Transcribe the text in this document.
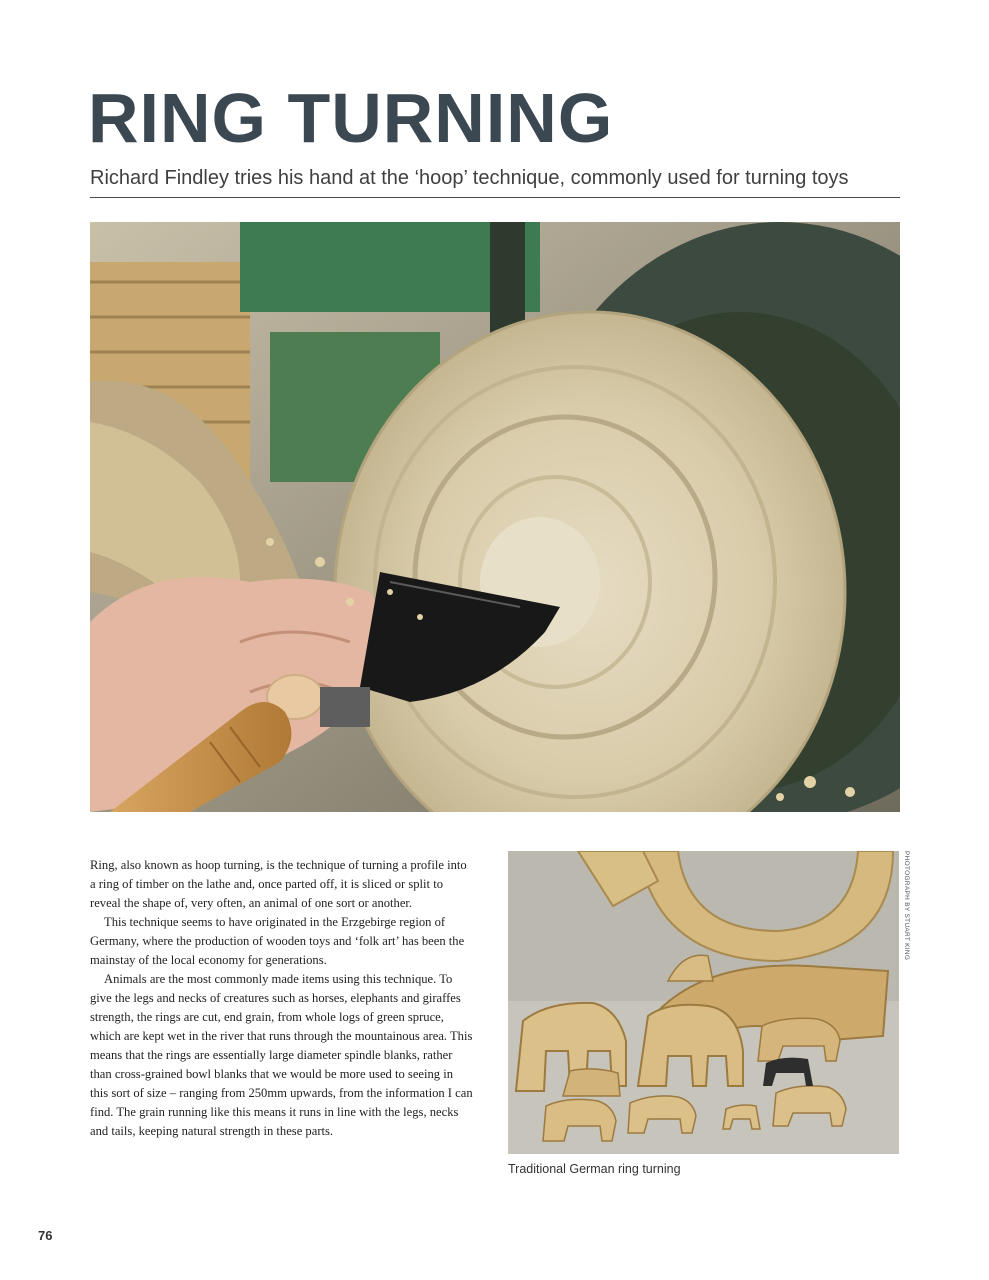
RING TURNING

Richard Findley tries his hand at the ‘hoop’ technique, commonly used for turning toys

PHOTOGRAPH BY STUART KING

Ring, also known as hoop turning, is the technique of turning a profile into a ring of timber on the lathe and, once parted off, it is sliced or split to reveal the shape of, very often, an animal of one sort or another.

This technique seems to have originated in the Erzgebirge region of Germany, where the production of wooden toys and ‘folk art’ has been the mainstay of the local economy for generations.

Animals are the most commonly made items using this technique. To give the legs and necks of creatures such as horses, elephants and giraffes strength, the rings are cut, end grain, from whole logs of green spruce, which are kept wet in the river that runs through the mountainous area. This means that the rings are essentially large diameter spindle blanks, rather than cross-grained bowl blanks that we would be more used to seeing in this sort of size – ranging from 250mm upwards, from the information I can find. The grain running like this means it runs in line with the legs, necks and tails, keeping natural strength in these parts.

Traditional German ring turning
76
